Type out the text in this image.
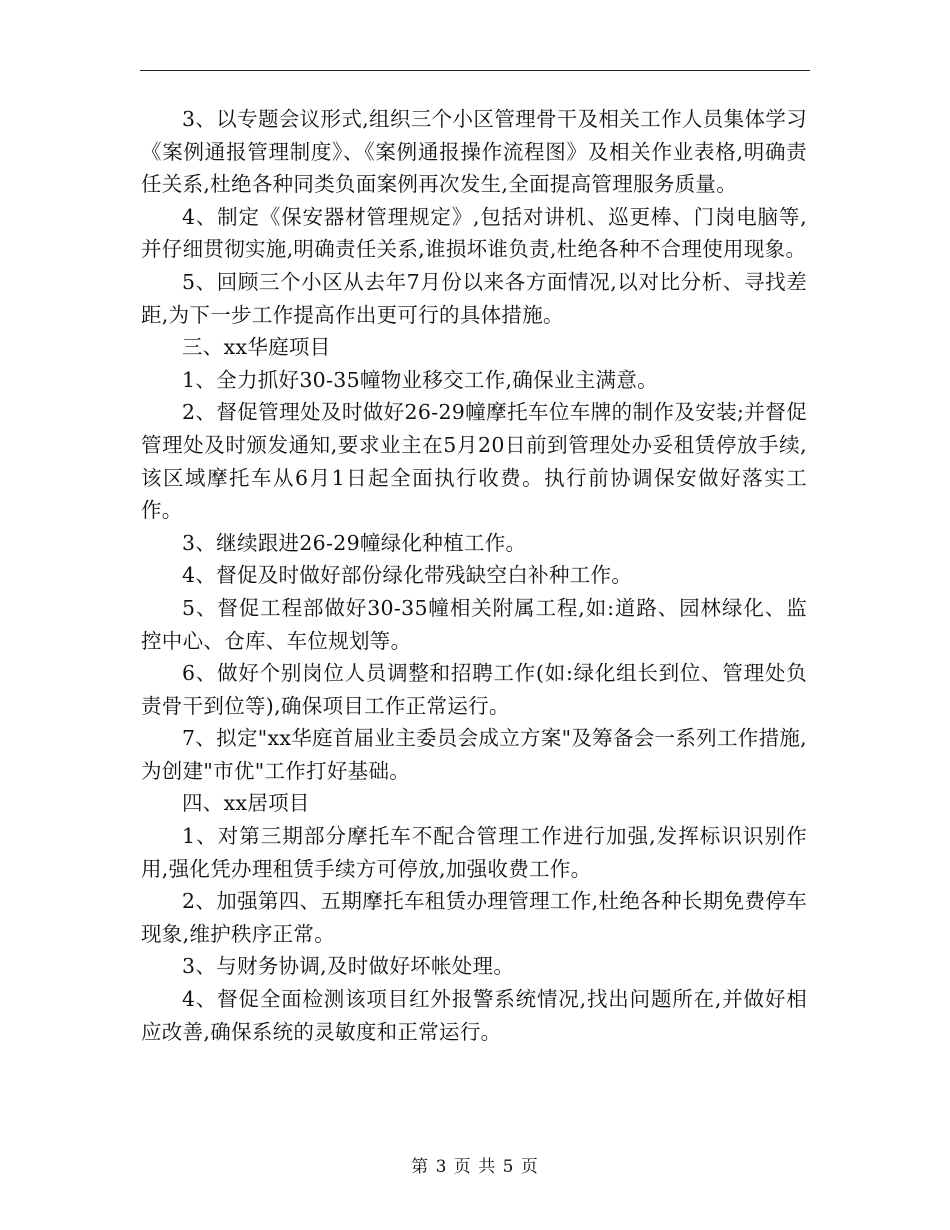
3、以专题会议形式,组织三个小区管理骨干及相关工作人员集体学习《案例通报管理制度》、《案例通报操作流程图》及相关作业表格,明确责任关系,杜绝各种同类负面案例再次发生,全面提高管理服务质量。

4、制定《保安器材管理规定》,包括对讲机、巡更棒、门岗电脑等,并仔细贯彻实施,明确责任关系,谁损坏谁负责,杜绝各种不合理使用现象。

5、回顾三个小区从去年7月份以来各方面情况,以对比分析、寻找差距,为下一步工作提高作出更可行的具体措施。

三、xx华庭项目

1、全力抓好30-35幢物业移交工作,确保业主满意。

2、督促管理处及时做好26-29幢摩托车位车牌的制作及安装;并督促管理处及时颁发通知,要求业主在5月20日前到管理处办妥租赁停放手续,该区域摩托车从6月1日起全面执行收费。执行前协调保安做好落实工作。

3、继续跟进26-29幢绿化种植工作。

4、督促及时做好部份绿化带残缺空白补种工作。

5、督促工程部做好30-35幢相关附属工程,如:道路、园林绿化、监控中心、仓库、车位规划等。

6、做好个别岗位人员调整和招聘工作(如:绿化组长到位、管理处负责骨干到位等),确保项目工作正常运行。

7、拟定"xx华庭首届业主委员会成立方案"及筹备会一系列工作措施,为创建"市优"工作打好基础。

四、xx居项目

1、对第三期部分摩托车不配合管理工作进行加强,发挥标识识别作用,强化凭办理租赁手续方可停放,加强收费工作。

2、加强第四、五期摩托车租赁办理管理工作,杜绝各种长期免费停车现象,维护秩序正常。

3、与财务协调,及时做好坏帐处理。

4、督促全面检测该项目红外报警系统情况,找出问题所在,并做好相应改善,确保系统的灵敏度和正常运行。

第 3 页 共 5 页
